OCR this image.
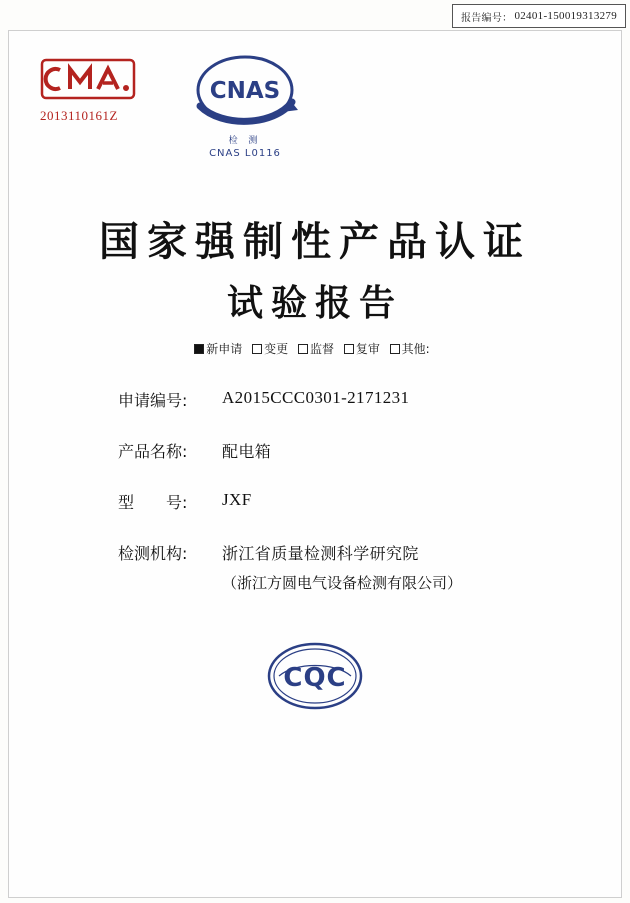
报告编号： 02401-150019313279
2013110161Z
CNAS
检 测
CNAS L0116
国家强制性产品认证
试验报告
新申请 变更 监督 复审 其他:
申请编号:	A2015CCC0301-2171231
产品名称:	配电箱
型　　号:	JXF
检测机构:	浙江省质量检测科学研究院
（浙江方圆电气设备检测有限公司）
CQC
